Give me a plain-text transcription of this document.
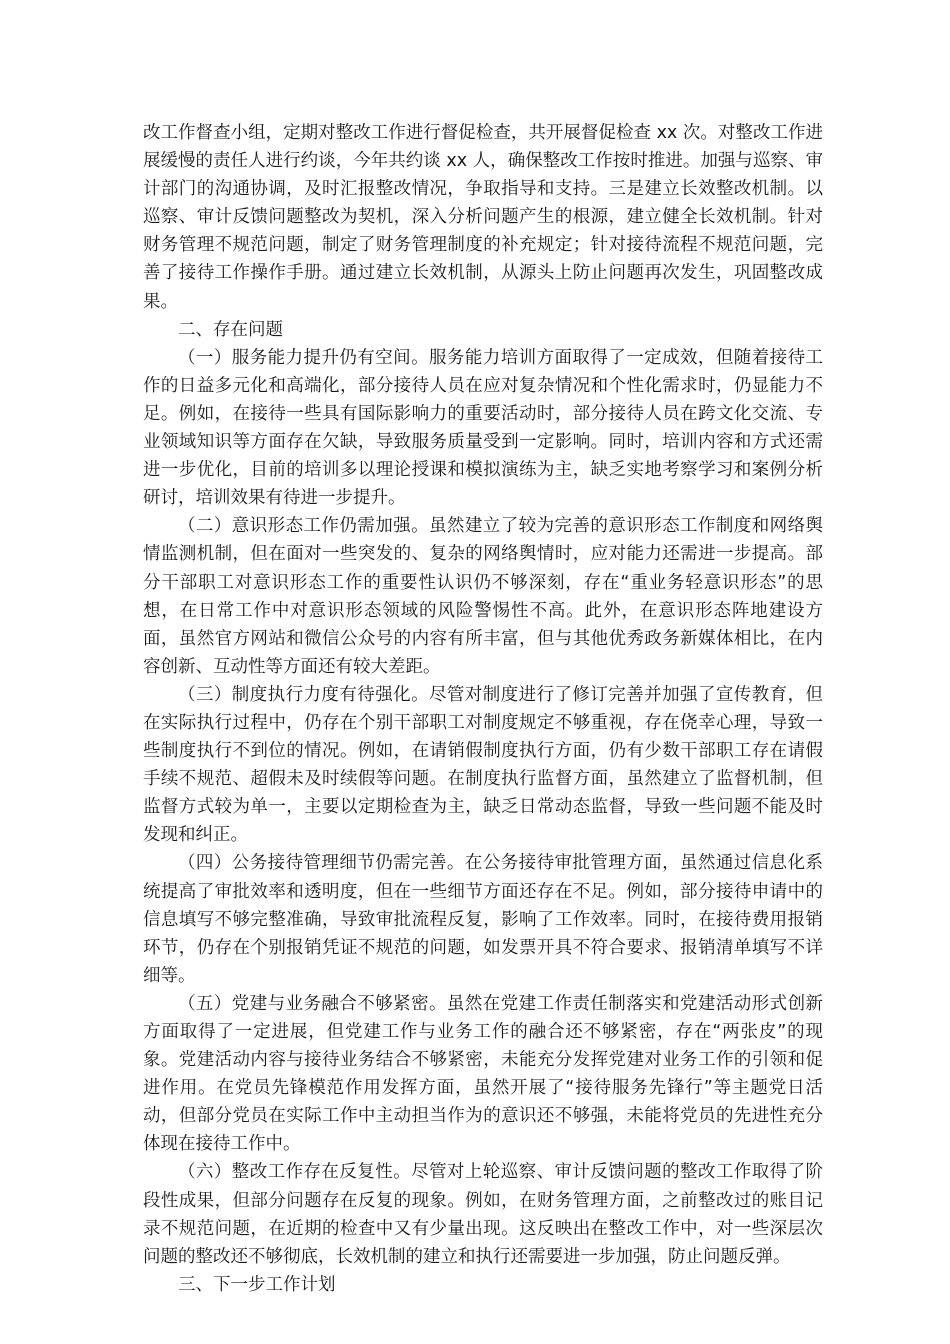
改工作督查小组，定期对整改工作进行督促检查，共开展督促检查 xx 次。对整改工作进展缓慢的责任人进行约谈，今年共约谈 xx 人，确保整改工作按时推进。加强与巡察、审计部门的沟通协调，及时汇报整改情况，争取指导和支持。三是建立长效整改机制。以巡察、审计反馈问题整改为契机，深入分析问题产生的根源，建立健全长效机制。针对财务管理不规范问题，制定了财务管理制度的补充规定；针对接待流程不规范问题，完善了接待工作操作手册。通过建立长效机制，从源头上防止问题再次发生，巩固整改成果。

二、存在问题

（一）服务能力提升仍有空间。服务能力培训方面取得了一定成效，但随着接待工作的日益多元化和高端化，部分接待人员在应对复杂情况和个性化需求时，仍显能力不足。例如，在接待一些具有国际影响力的重要活动时，部分接待人员在跨文化交流、专业领域知识等方面存在欠缺，导致服务质量受到一定影响。同时，培训内容和方式还需进一步优化，目前的培训多以理论授课和模拟演练为主，缺乏实地考察学习和案例分析研讨，培训效果有待进一步提升。

（二）意识形态工作仍需加强。虽然建立了较为完善的意识形态工作制度和网络舆情监测机制，但在面对一些突发的、复杂的网络舆情时，应对能力还需进一步提高。部分干部职工对意识形态工作的重要性认识仍不够深刻，存在“重业务轻意识形态”的思想，在日常工作中对意识形态领域的风险警惕性不高。此外，在意识形态阵地建设方面，虽然官方网站和微信公众号的内容有所丰富，但与其他优秀政务新媒体相比，在内容创新、互动性等方面还有较大差距。

（三）制度执行力度有待强化。尽管对制度进行了修订完善并加强了宣传教育，但在实际执行过程中，仍存在个别干部职工对制度规定不够重视，存在侥幸心理，导致一些制度执行不到位的情况。例如，在请销假制度执行方面，仍有少数干部职工存在请假手续不规范、超假未及时续假等问题。在制度执行监督方面，虽然建立了监督机制，但监督方式较为单一，主要以定期检查为主，缺乏日常动态监督，导致一些问题不能及时发现和纠正。

（四）公务接待管理细节仍需完善。在公务接待审批管理方面，虽然通过信息化系统提高了审批效率和透明度，但在一些细节方面还存在不足。例如，部分接待申请中的信息填写不够完整准确，导致审批流程反复，影响了工作效率。同时，在接待费用报销环节，仍存在个别报销凭证不规范的问题，如发票开具不符合要求、报销清单填写不详细等。

（五）党建与业务融合不够紧密。虽然在党建工作责任制落实和党建活动形式创新方面取得了一定进展，但党建工作与业务工作的融合还不够紧密，存在“两张皮”的现象。党建活动内容与接待业务结合不够紧密，未能充分发挥党建对业务工作的引领和促进作用。在党员先锋模范作用发挥方面，虽然开展了“接待服务先锋行”等主题党日活动，但部分党员在实际工作中主动担当作为的意识还不够强，未能将党员的先进性充分体现在接待工作中。

（六）整改工作存在反复性。尽管对上轮巡察、审计反馈问题的整改工作取得了阶段性成果，但部分问题存在反复的现象。例如，在财务管理方面，之前整改过的账目记录不规范问题，在近期的检查中又有少量出现。这反映出在整改工作中，对一些深层次问题的整改还不够彻底，长效机制的建立和执行还需要进一步加强，防止问题反弹。

三、下一步工作计划
